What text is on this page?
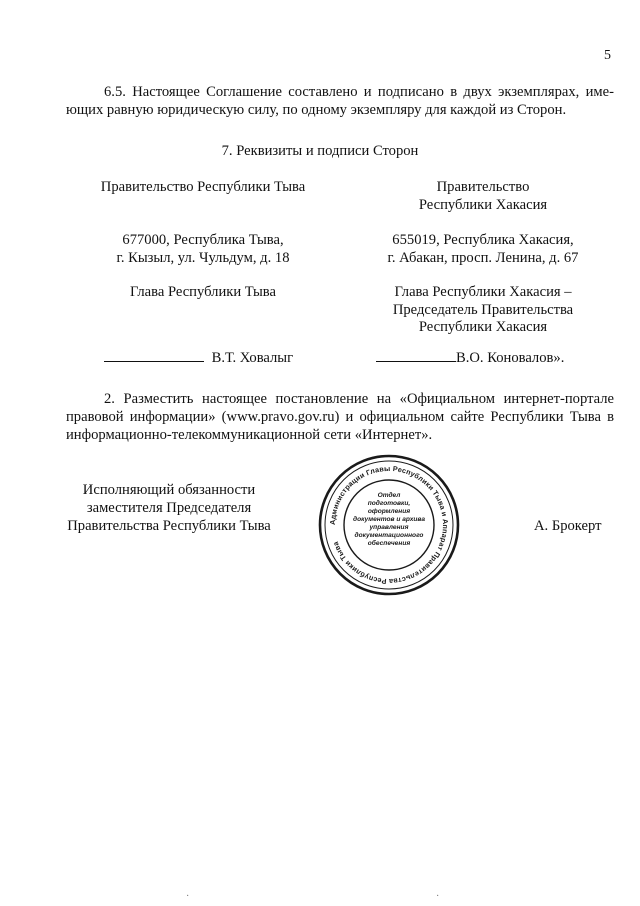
5
6.5. Настоящее Соглашение составлено и подписано в двух экземплярах, име-
ющих равную юридическую силу, по одному экземпляру для каждой из Сторон.
7. Реквизиты и подписи Сторон
Правительство Республики Тыва
677000, Республика Тыва,
г. Кызыл, ул. Чульдум, д. 18
Глава Республики Тыва
В.Т. Ховалыг
Правительство
Республики Хакасия
655019, Республика Хакасия,
г. Абакан, просп. Ленина, д. 67
Глава Республики Хакасия –
Председатель Правительства
Республики Хакасия
В.О. Коновалов».
2. Разместить настоящее постановление на «Официальном интернет-портале
правовой информации» (www.pravo.gov.ru) и официальном сайте Республики Тыва в
информационно-телекоммуникационной сети «Интернет».
Исполняющий обязанности
заместителя Председателя
Правительства Республики Тыва	А. Брокерт
Администрации Главы Республики Тыва и Аппарат Правительства Республики Тыва
Отдел
подготовки,
оформления
документов и архива
управления
документационного
обеспечения
·	·
